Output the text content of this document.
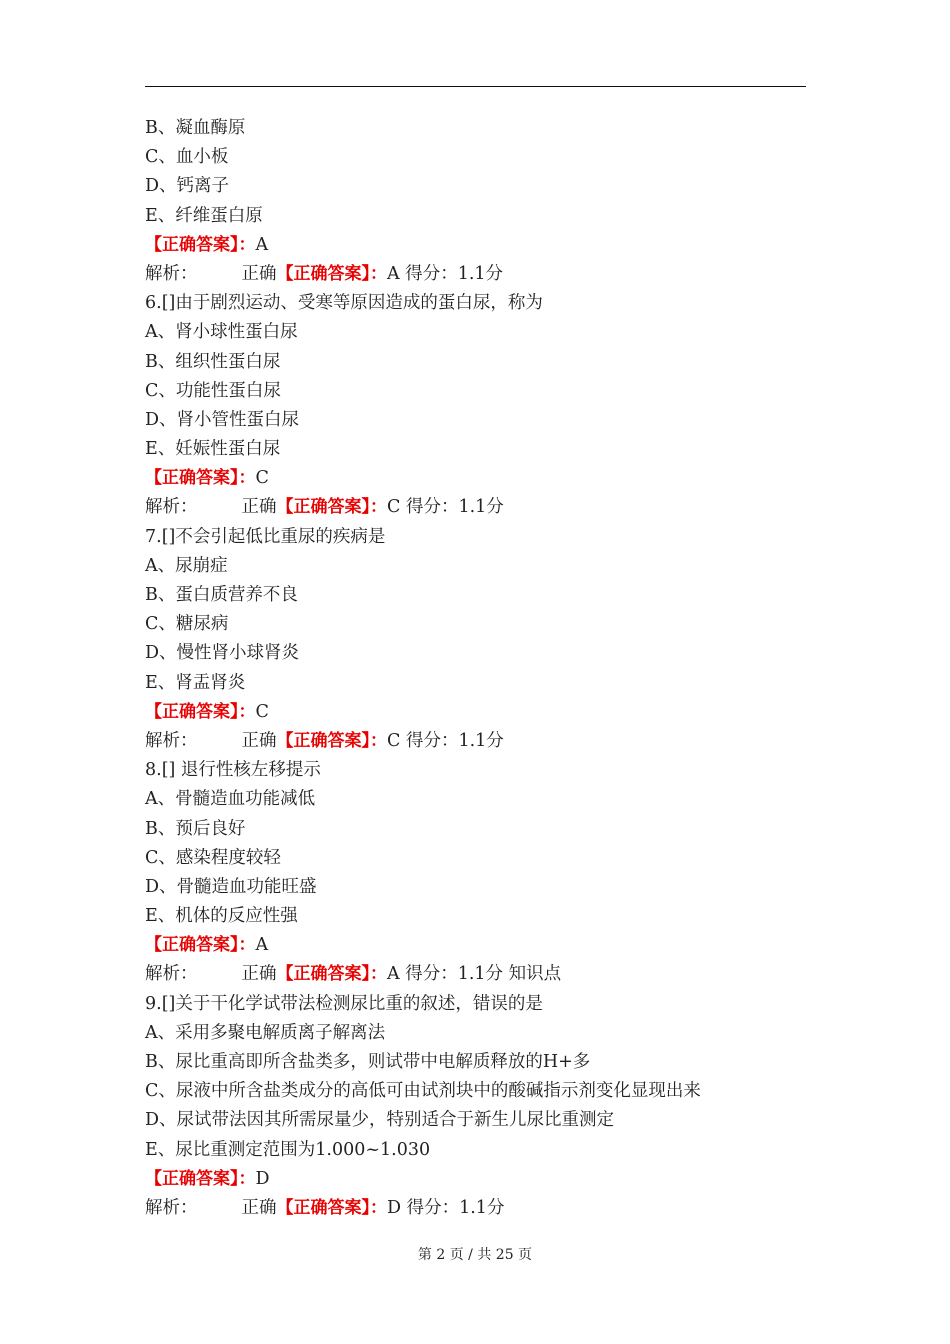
B、凝血酶原
C、血小板
D、钙离子
E、纤维蛋白原
【正确答案】：A
解析：	正确【正确答案】：A 得分：1.1分
6.[]由于剧烈运动、受寒等原因造成的蛋白尿，称为
A、肾小球性蛋白尿
B、组织性蛋白尿
C、功能性蛋白尿
D、肾小管性蛋白尿
E、妊娠性蛋白尿
【正确答案】：C
解析：	正确【正确答案】：C 得分：1.1分
7.[]不会引起低比重尿的疾病是
A、尿崩症
B、蛋白质营养不良
C、糖尿病
D、慢性肾小球肾炎
E、肾盂肾炎
【正确答案】：C
解析：	正确【正确答案】：C 得分：1.1分
8.[] 退行性核左移提示
A、骨髓造血功能减低
B、预后良好
C、感染程度较轻
D、骨髓造血功能旺盛
E、机体的反应性强
【正确答案】：A
解析：	正确【正确答案】：A 得分：1.1分 知识点
9.[]关于干化学试带法检测尿比重的叙述，错误的是
A、采用多聚电解质离子解离法
B、尿比重高即所含盐类多，则试带中电解质释放的H+多
C、尿液中所含盐类成分的高低可由试剂块中的酸碱指示剂变化显现出来
D、尿试带法因其所需尿量少，特别适合于新生儿尿比重测定
E、尿比重测定范围为1.000~1.030
【正确答案】：D
解析：	正确【正确答案】：D 得分：1.1分
第 2 页 / 共 25 页
